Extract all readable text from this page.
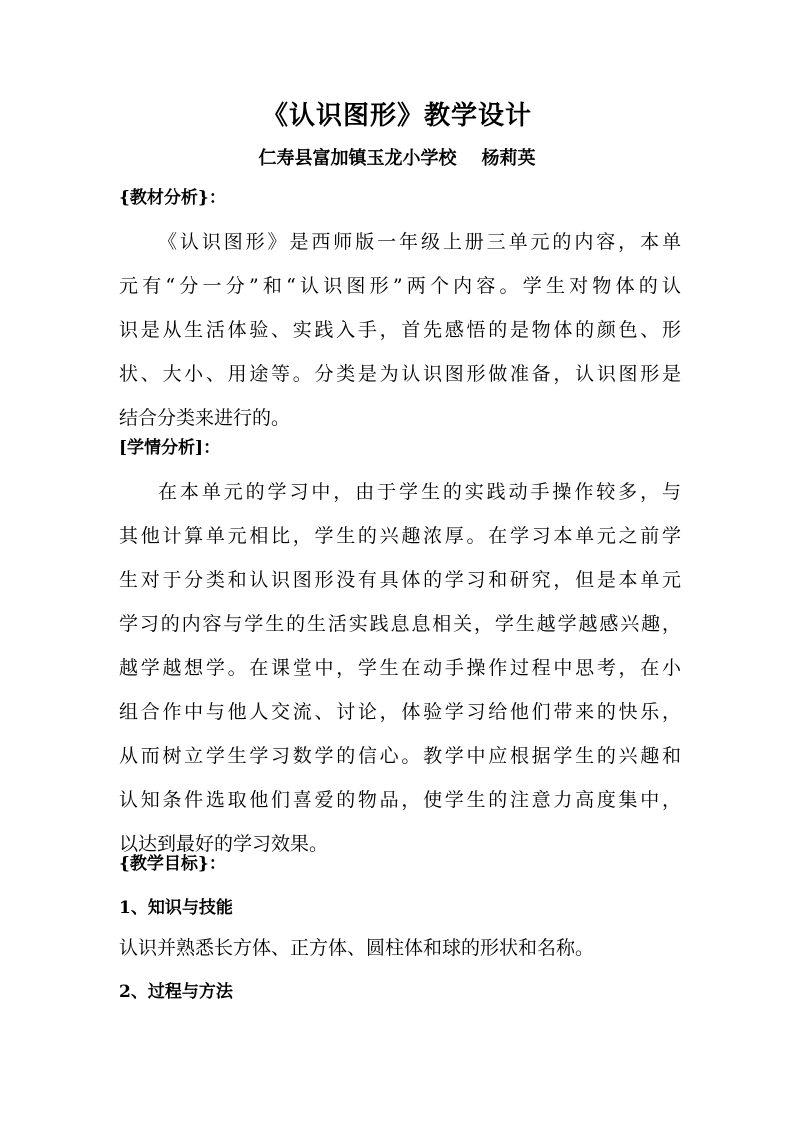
《认识图形》教学设计
仁寿县富加镇玉龙小学校    杨莉英
{教材分析}：
《认识图形》是西师版一年级上册三单元的内容，本单
元有“分一分”和“认识图形”两个内容。学生对物体的认
识是从生活体验、实践入手，首先感悟的是物体的颜色、形
状、大小、用途等。分类是为认识图形做准备，认识图形是
结合分类来进行的。
[学情分析]：
在本单元的学习中，由于学生的实践动手操作较多，与
其他计算单元相比，学生的兴趣浓厚。在学习本单元之前学
生对于分类和认识图形没有具体的学习和研究，但是本单元
学习的内容与学生的生活实践息息相关，学生越学越感兴趣，
越学越想学。在课堂中，学生在动手操作过程中思考，在小
组合作中与他人交流、讨论，体验学习给他们带来的快乐，
从而树立学生学习数学的信心。教学中应根据学生的兴趣和
认知条件选取他们喜爱的物品，使学生的注意力高度集中，
以达到最好的学习效果。
{教学目标}：
1、知识与技能
认识并熟悉长方体、正方体、圆柱体和球的形状和名称。
2、过程与方法
